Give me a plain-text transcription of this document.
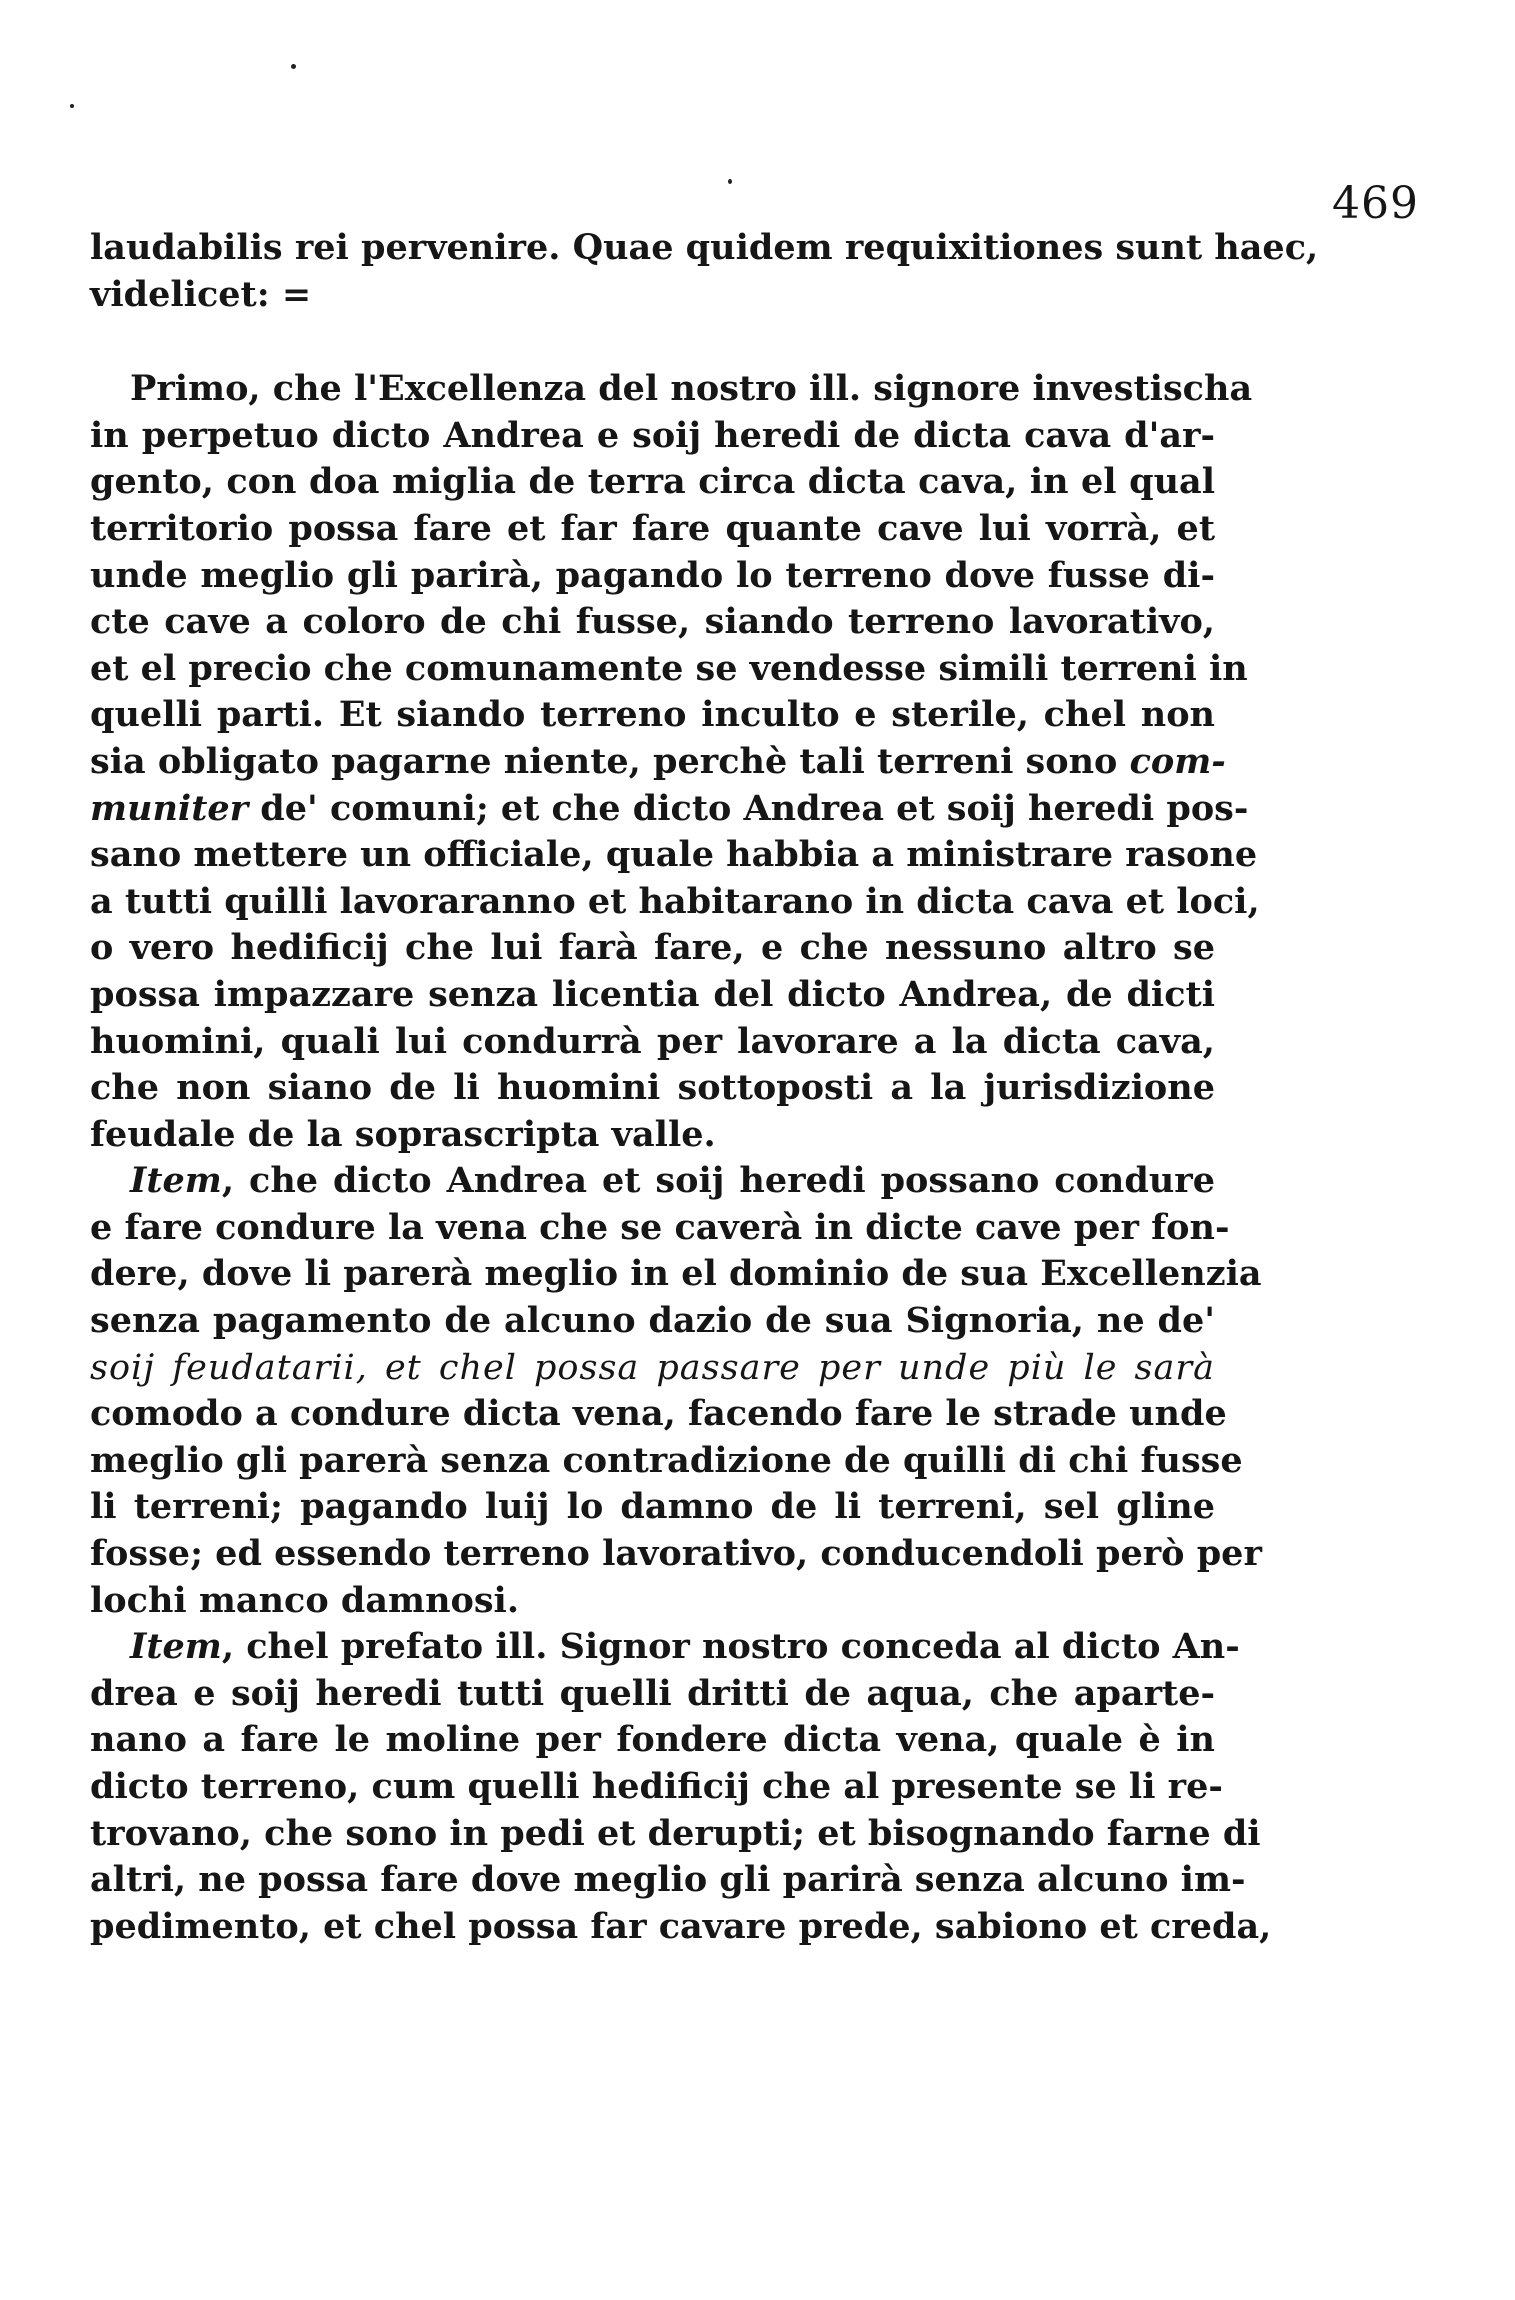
469
laudabilis rei pervenire. Quae quidem requixitiones sunt haec,
videlicet: =
Primo, che l'Excellenza del nostro ill. signore investischa
in perpetuo dicto Andrea e soij heredi de dicta cava d'ar-
gento, con doa miglia de terra circa dicta cava, in el qual
territorio possa fare et far fare quante cave lui vorrà, et
unde meglio gli parirà, pagando lo terreno dove fusse di-
cte cave a coloro de chi fusse, siando terreno lavorativo,
et el precio che comunamente se vendesse simili terreni in
quelli parti. Et siando terreno inculto e sterile, chel non
sia obligato pagarne niente, perchè tali terreni sono com-
muniter de' comuni; et che dicto Andrea et soij heredi pos-
sano mettere un officiale, quale habbia a ministrare rasone
a tutti quilli lavoraranno et habitarano in dicta cava et loci,
o vero hedificij che lui farà fare, e che nessuno altro se
possa impazzare senza licentia del dicto Andrea, de dicti
huomini, quali lui condurrà per lavorare a la dicta cava,
che non siano de li huomini sottoposti a la jurisdizione
feudale de la soprascripta valle.
Item, che dicto Andrea et soij heredi possano condure
e fare condure la vena che se caverà in dicte cave per fon-
dere, dove li parerà meglio in el dominio de sua Excellenzia
senza pagamento de alcuno dazio de sua Signoria, ne de'
soij feudatarii, et chel possa passare per unde più le sarà
comodo a condure dicta vena, facendo fare le strade unde
meglio gli parerà senza contradizione de quilli di chi fusse
li terreni; pagando luij lo damno de li terreni, sel gline
fosse; ed essendo terreno lavorativo, conducendoli però per
lochi manco damnosi.
Item, chel prefato ill. Signor nostro conceda al dicto An-
drea e soij heredi tutti quelli dritti de aqua, che aparte-
nano a fare le moline per fondere dicta vena, quale è in
dicto terreno, cum quelli hedificij che al presente se li re-
trovano, che sono in pedi et derupti; et bisognando farne di
altri, ne possa fare dove meglio gli parirà senza alcuno im-
pedimento, et chel possa far cavare prede, sabiono et creda,
